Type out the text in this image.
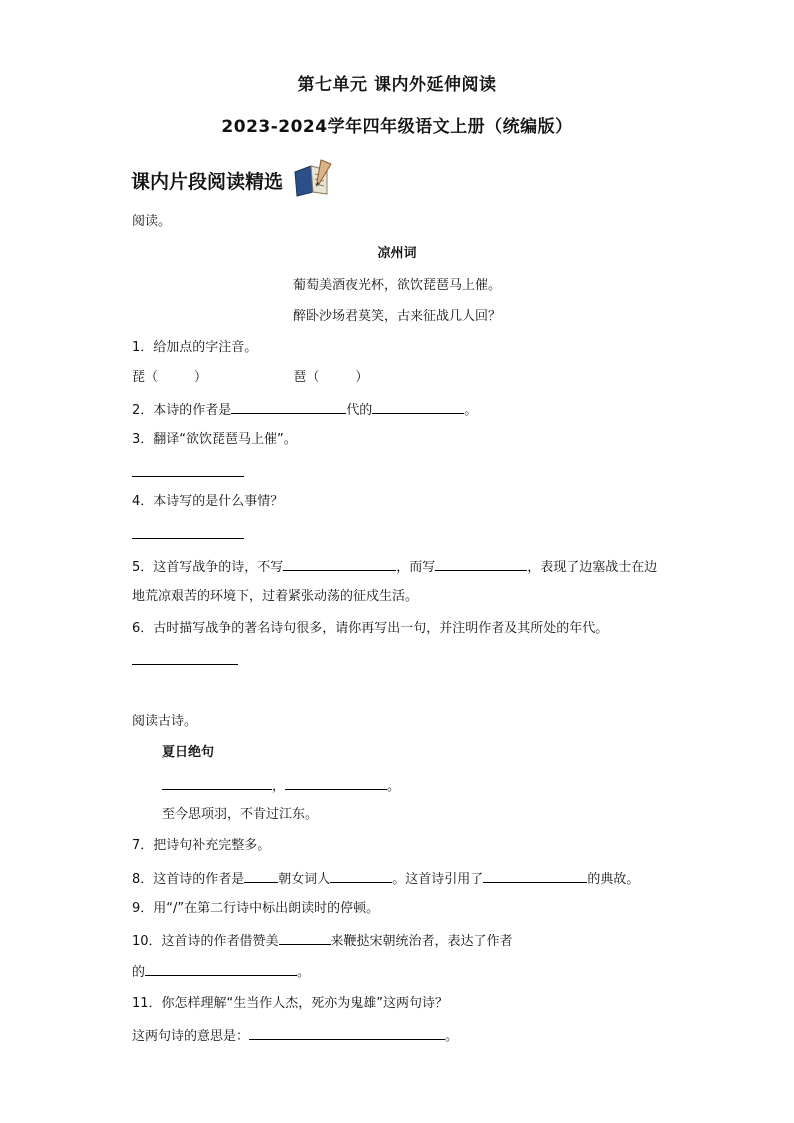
第七单元 课内外延伸阅读
2023-2024学年四年级语文上册（统编版）
课内片段阅读精选
阅读。
凉州词
葡萄美酒夜光杯，欲饮琵琶马上催。
醉卧沙场君莫笑，古来征战几人回？
1．给加点的字注音。
琵（	）	琶（	）
2．本诗的作者是	代的	。
3．翻译“欲饮琵琶马上催”。
4．本诗写的是什么事情？
5．这首写战争的诗，不写	，而写	，表现了边塞战士在边
地荒凉艰苦的环境下，过着紧张动荡的征戍生活。
6．古时描写战争的著名诗句很多，请你再写出一句，并注明作者及其所处的年代。
阅读古诗。
夏日绝句
，	。
至今思项羽，不肯过江东。
7．把诗句补充完整多。
8．这首诗的作者是	朝女词人	。这首诗引用了	的典故。
9．用“/”在第二行诗中标出朗读时的停顿。
10．这首诗的作者借赞美	来鞭挞宋朝统治者，表达了作者
的	。
11．你怎样理解“生当作人杰，死亦为鬼雄”这两句诗？
这两句诗的意思是：	。
